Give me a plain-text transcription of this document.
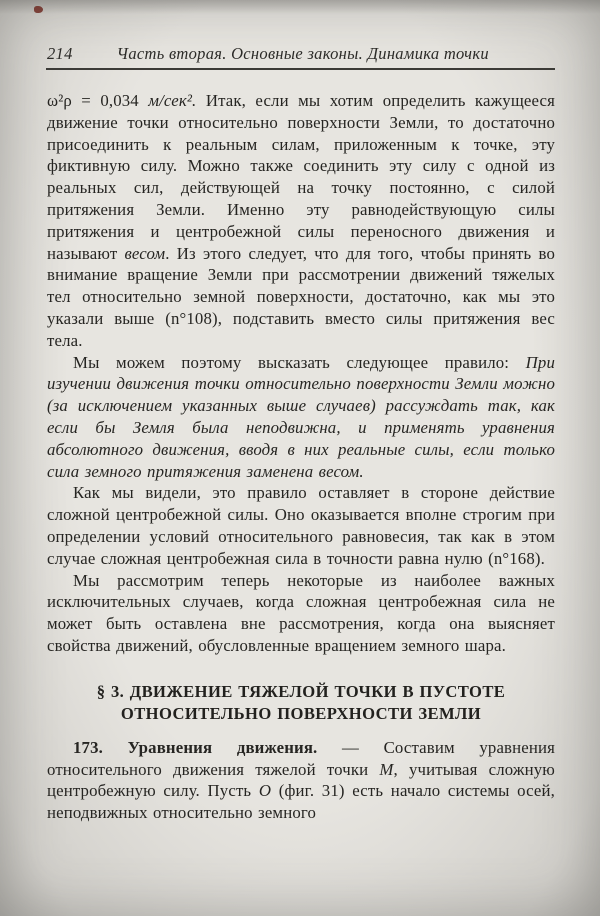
214	Часть вторая. Основные законы. Динамика точки

ω²ρ = 0,034 м/сек². Итак, если мы хотим определить кажущееся движение точки относительно поверхности Земли, то достаточно присоединить к реальным силам, приложенным к точке, эту фиктивную силу. Можно также соединить эту силу с одной из реальных сил, действующей на точку постоянно, с силой притяжения Земли. Именно эту равнодействующую силы притяжения и центробежной силы переносного движения и называют весом. Из этого следует, что для того, чтобы принять во внимание вращение Земли при рассмотрении движений тяжелых тел относительно земной поверхности, достаточно, как мы это указали выше (n°108), подставить вместо силы притяжения вес тела.

Мы можем поэтому высказать следующее правило: При изучении движения точки относительно поверхности Земли можно (за исключением указанных выше случаев) рассуждать так, как если бы Земля была неподвижна, и применять уравнения абсолютного движения, вводя в них реальные силы, если только сила земного притяжения заменена весом.

Как мы видели, это правило оставляет в стороне действие сложной центробежной силы. Оно оказывается вполне строгим при определении условий относительного равновесия, так как в этом случае сложная центробежная сила в точности равна нулю (n°168).

Мы рассмотрим теперь некоторые из наиболее важных исключительных случаев, когда сложная центробежная сила не может быть оставлена вне рассмотрения, когда она выясняет свойства движений, обусловленные вращением земного шара.

§ 3. ДВИЖЕНИЕ ТЯЖЕЛОЙ ТОЧКИ В ПУСТОТЕ
ОТНОСИТЕЛЬНО ПОВЕРХНОСТИ ЗЕМЛИ

173. Уравнения движения. — Составим уравнения относительного движения тяжелой точки M, учитывая сложную центробежную силу. Пусть O (фиг. 31) есть начало системы осей, неподвижных относительно земного
